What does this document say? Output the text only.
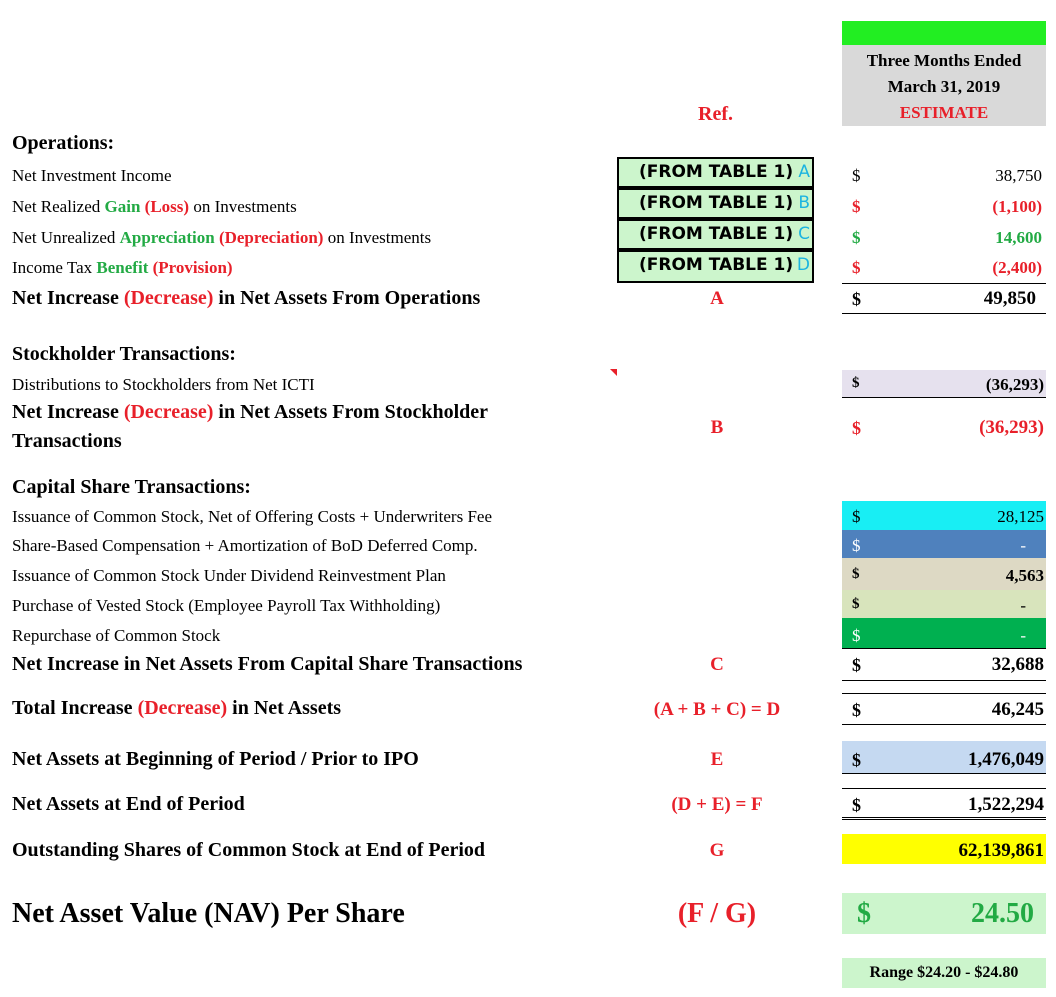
Three Months Ended
March 31, 2019
ESTIMATE
Ref.
Operations:
Net Investment Income	(FROM TABLE 1) A $	38,750
Net Realized Gain (Loss) on Investments	(FROM TABLE 1) B $	(1,100)
Net Unrealized Appreciation (Depreciation) on Investments	(FROM TABLE 1) C $	14,600
Income Tax Benefit (Provision)	(FROM TABLE 1) D $	(2,400)
Net Increase (Decrease) in Net Assets From Operations	A	$	49,850
Stockholder Transactions:
Distributions to Stockholders from Net ICTI	$	(36,293)
Net Increase (Decrease) in Net Assets From Stockholder
Transactions
B	$	(36,293)
Capital Share Transactions:
Issuance of Common Stock, Net of Offering Costs + Underwriters Fee	$	28,125
Share-Based Compensation + Amortization of BoD Deferred Comp.	$	-
Issuance of Common Stock Under Dividend Reinvestment Plan	$	4,563
Purchase of Vested Stock (Employee Payroll Tax Withholding)	$	-
Repurchase of Common Stock	$	-
Net Increase in Net Assets From Capital Share Transactions	C	$	32,688
Total Increase (Decrease) in Net Assets	(A + B + C) = D	$	46,245
Net Assets at Beginning of Period / Prior to IPO	E	$	1,476,049
Net Assets at End of Period	(D + E) = F	$	1,522,294
Outstanding Shares of Common Stock at End of Period	G	62,139,861
Net Asset Value (NAV) Per Share	(F / G)	$	24.50
Range $24.20 - $24.80
